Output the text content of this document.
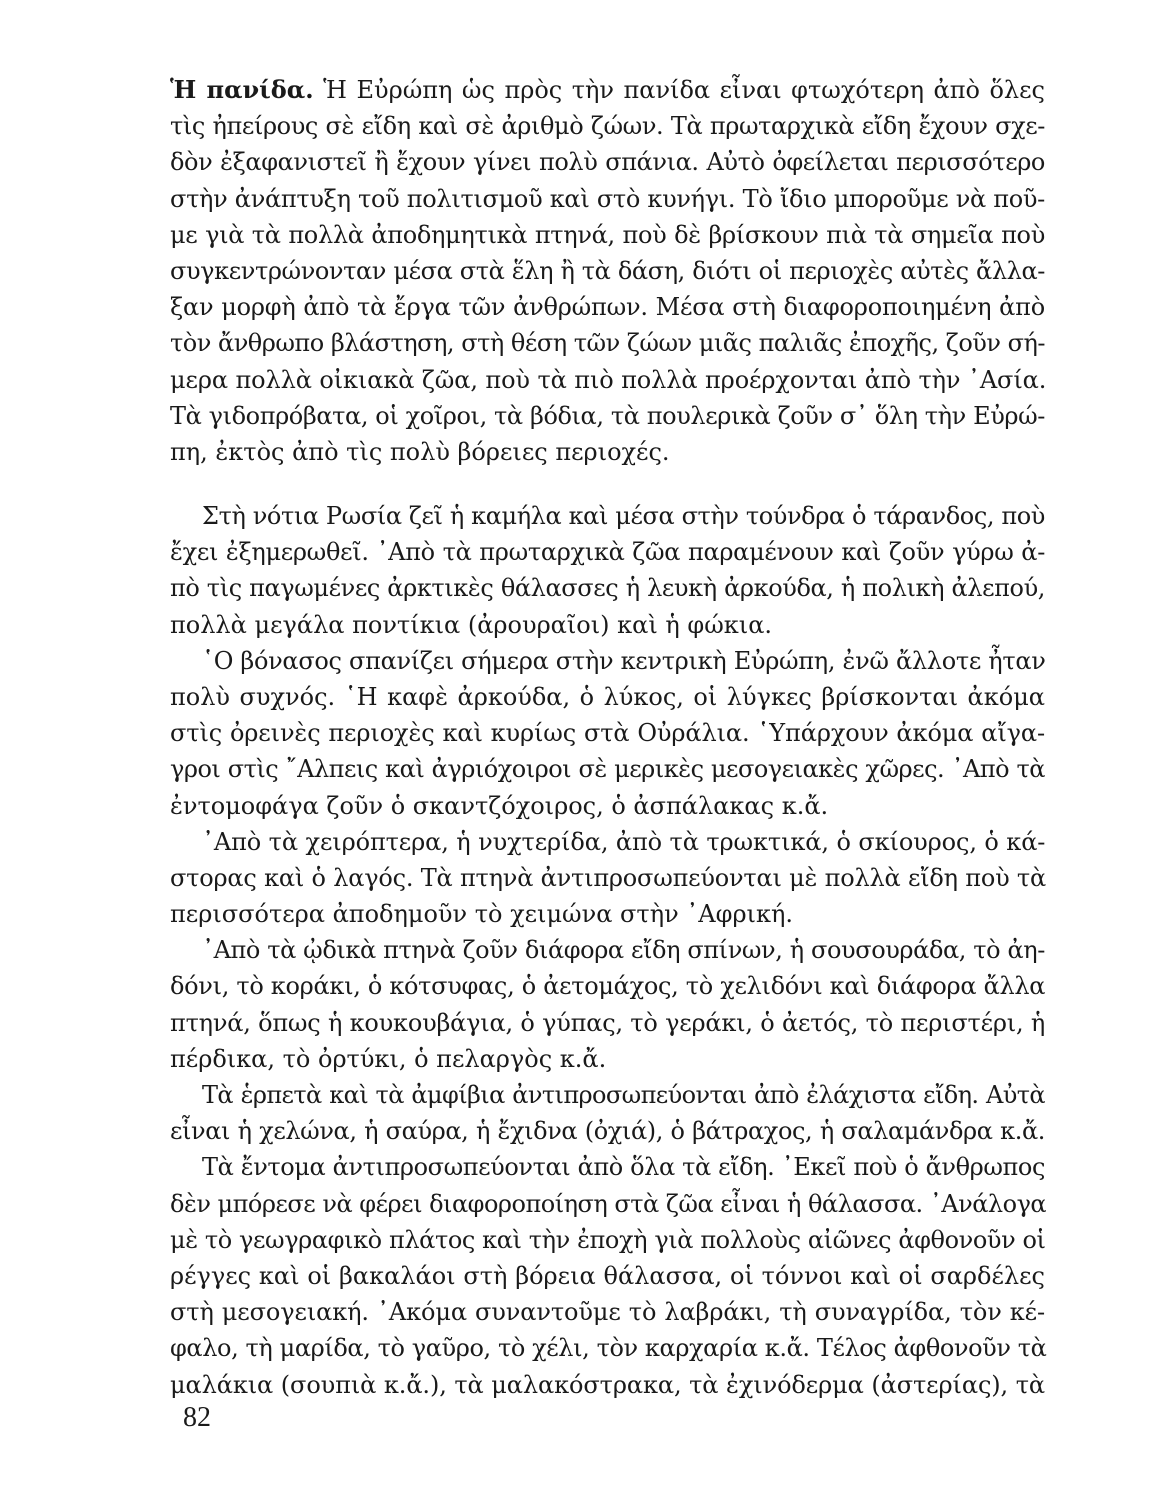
Ἡ πανίδα. Ἡ Εὐρώπη ὡς πρὸς τὴν πανίδα εἶναι φτωχότερη ἀπὸ ὅλες
τὶς ἠπείρους σὲ εἴδη καὶ σὲ ἀριθμὸ ζώων. Τὰ πρωταρχικὰ εἴδη ἔχουν σχε-
δὸν ἐξαφανιστεῖ ἢ ἔχουν γίνει πολὺ σπάνια. Αὐτὸ ὀφείλεται περισσότερο
στὴν ἀνάπτυξη τοῦ πολιτισμοῦ καὶ στὸ κυνήγι. Τὸ ἴδιο μποροῦμε νὰ ποῦ-
με γιὰ τὰ πολλὰ ἀποδημητικὰ πτηνά, ποὺ δὲ βρίσκουν πιὰ τὰ σημεῖα ποὺ
συγκεντρώνονταν μέσα στὰ ἕλη ἢ τὰ δάση, διότι οἱ περιοχὲς αὐτὲς ἄλλα-
ξαν μορφὴ ἀπὸ τὰ ἔργα τῶν ἀνθρώπων. Μέσα στὴ διαφοροποιημένη ἀπὸ
τὸν ἄνθρωπο βλάστηση, στὴ θέση τῶν ζώων μιᾶς παλιᾶς ἐποχῆς, ζοῦν σή-
μερα πολλὰ οἰκιακὰ ζῶα, ποὺ τὰ πιὸ πολλὰ προέρχονται ἀπὸ τὴν ᾿Ασία.
Τὰ γιδοπρόβατα, οἱ χοῖροι, τὰ βόδια, τὰ πουλερικὰ ζοῦν σ᾿ ὅλη τὴν Εὐρώ-
πη, ἐκτὸς ἀπὸ τὶς πολὺ βόρειες περιοχές.
Στὴ νότια Ρωσία ζεῖ ἡ καμήλα καὶ μέσα στὴν τούνδρα ὁ τάρανδος, ποὺ
ἔχει ἐξημερωθεῖ. ᾿Απὸ τὰ πρωταρχικὰ ζῶα παραμένουν καὶ ζοῦν γύρω ἀ-
πὸ τὶς παγωμένες ἀρκτικὲς θάλασσες ἡ λευκὴ ἀρκούδα, ἡ πολικὴ ἀλεπού,
πολλὰ μεγάλα ποντίκια (ἀρουραῖοι) καὶ ἡ φώκια.
῾Ο βόνασος σπανίζει σήμερα στὴν κεντρικὴ Εὐρώπη, ἐνῶ ἄλλοτε ἦταν
πολὺ συχνός. ῾Η καφὲ ἀρκούδα, ὁ λύκος, οἱ λύγκες βρίσκονται ἀκόμα
στὶς ὀρεινὲς περιοχὲς καὶ κυρίως στὰ Οὐράλια. ῾Υπάρχουν ἀκόμα αἴγα-
γροι στὶς ῎Αλπεις καὶ ἀγριόχοιροι σὲ μερικὲς μεσογειακὲς χῶρες. ᾿Απὸ τὰ
ἐντομοφάγα ζοῦν ὁ σκαντζόχοιρος, ὁ ἀσπάλακας κ.ἄ.
᾿Απὸ τὰ χειρόπτερα, ἡ νυχτερίδα, ἀπὸ τὰ τρωκτικά, ὁ σκίουρος, ὁ κά-
στορας καὶ ὁ λαγός. Τὰ πτηνὰ ἀντιπροσωπεύονται μὲ πολλὰ εἴδη ποὺ τὰ
περισσότερα ἀποδημοῦν τὸ χειμώνα στὴν ᾿Αφρική.
᾿Απὸ τὰ ᾠδικὰ πτηνὰ ζοῦν διάφορα εἴδη σπίνων, ἡ σουσουράδα, τὸ ἀη-
δόνι, τὸ κοράκι, ὁ κότσυφας, ὁ ἀετομάχος, τὸ χελιδόνι καὶ διάφορα ἄλλα
πτηνά, ὅπως ἡ κουκουβάγια, ὁ γύπας, τὸ γεράκι, ὁ ἀετός, τὸ περιστέρι, ἡ
πέρδικα, τὸ ὀρτύκι, ὁ πελαργὸς κ.ἄ.
Τὰ ἑρπετὰ καὶ τὰ ἀμφίβια ἀντιπροσωπεύονται ἀπὸ ἐλάχιστα εἴδη. Αὐτὰ
εἶναι ἡ χελώνα, ἡ σαύρα, ἡ ἔχιδνα (ὀχιά), ὁ βάτραχος, ἡ σαλαμάνδρα κ.ἄ.
Τὰ ἔντομα ἀντιπροσωπεύονται ἀπὸ ὅλα τὰ εἴδη. ᾿Εκεῖ ποὺ ὁ ἄνθρωπος
δὲν μπόρεσε νὰ φέρει διαφοροποίηση στὰ ζῶα εἶναι ἡ θάλασσα. ᾿Ανάλογα
μὲ τὸ γεωγραφικὸ πλάτος καὶ τὴν ἐποχὴ γιὰ πολλοὺς αἰῶνες ἀφθονοῦν οἱ
ρέγγες καὶ οἱ βακαλάοι στὴ βόρεια θάλασσα, οἱ τόννοι καὶ οἱ σαρδέλες
στὴ μεσογειακή. ᾿Ακόμα συναντοῦμε τὸ λαβράκι, τὴ συναγρίδα, τὸν κέ-
φαλο, τὴ μαρίδα, τὸ γαῦρο, τὸ χέλι, τὸν καρχαρία κ.ἄ. Τέλος ἀφθονοῦν τὰ
μαλάκια (σουπιὰ κ.ἄ.), τὰ μαλακόστρακα, τὰ ἐχινόδερμα (ἀστερίας), τὰ
82
